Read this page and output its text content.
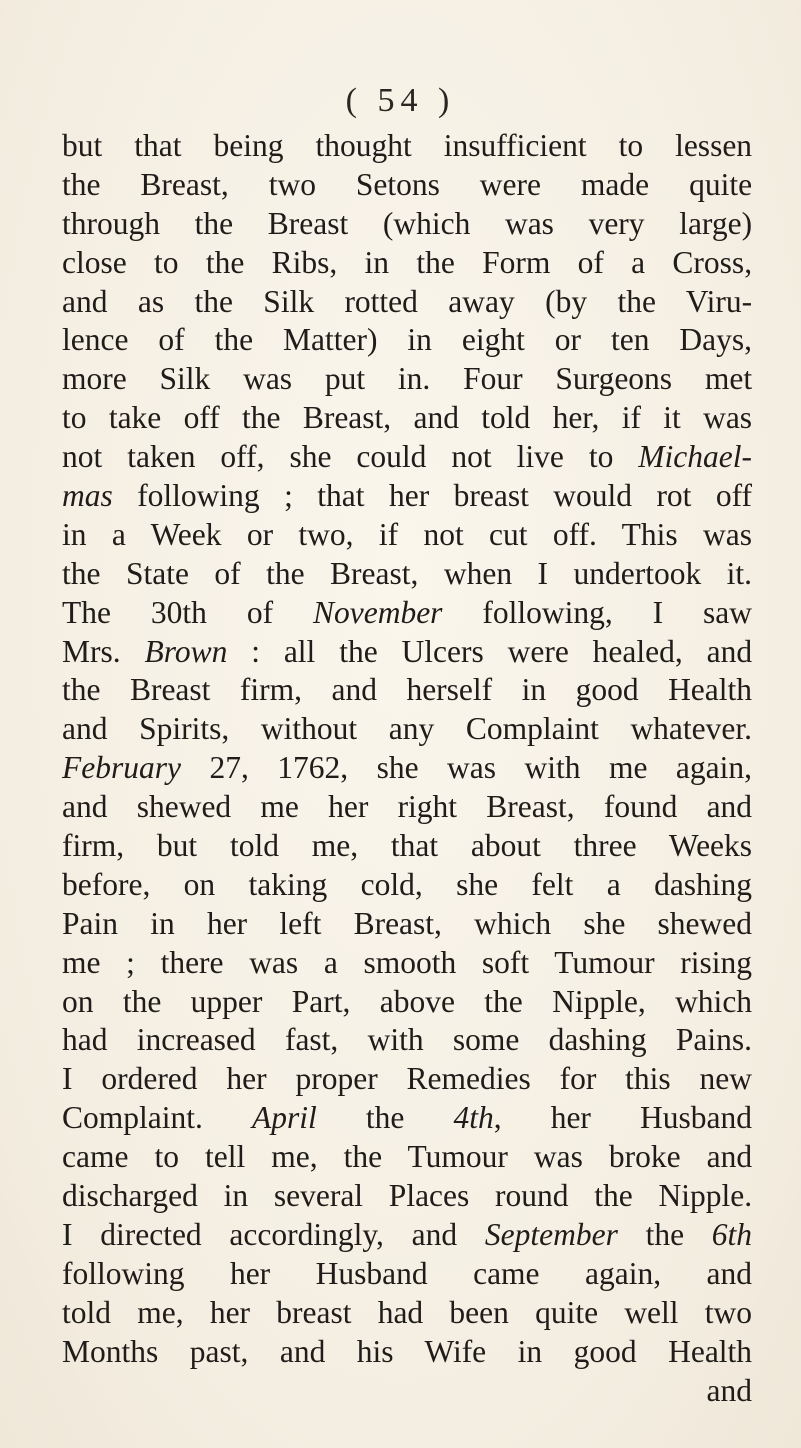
( 54 )
but that being thought insufficient to lessen
the Breast, two Setons were made quite
through the Breast (which was very large)
close to the Ribs, in the Form of a Cross,
and as the Silk rotted away (by the Viru-
lence of the Matter) in eight or ten Days,
more Silk was put in. Four Surgeons met
to take off the Breast, and told her, if it was
not taken off, she could not live to Michael-
mas following ; that her breast would rot off
in a Week or two, if not cut off. This was
the State of the Breast, when I undertook it.
The 30th of November following, I saw
Mrs. Brown : all the Ulcers were healed, and
the Breast firm, and herself in good Health
and Spirits, without any Complaint whatever.
February 27, 1762, she was with me again,
and shewed me her right Breast, found and
firm, but told me, that about three Weeks
before, on taking cold, she felt a dashing
Pain in her left Breast, which she shewed
me ; there was a smooth soft Tumour rising
on the upper Part, above the Nipple, which
had increased fast, with some dashing Pains.
I ordered her proper Remedies for this new
Complaint. April the 4th, her Husband
came to tell me, the Tumour was broke and
discharged in several Places round the Nipple.
I directed accordingly, and September the 6th
following her Husband came again, and
told me, her breast had been quite well two
Months past, and his Wife in good Health
and
